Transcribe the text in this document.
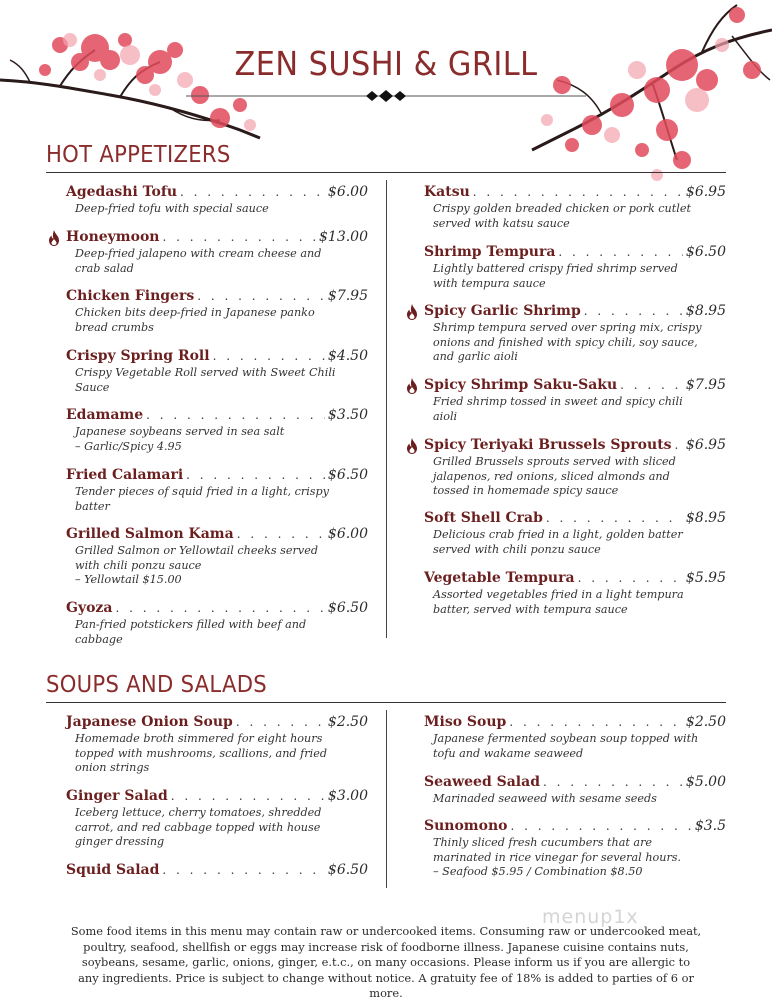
ZEN SUSHI & GRILL
HOT APPETIZERS
Agedashi Tofu . . .	$6.00
Deep-fried tofu with special sauce
Honeymoon . . .	$13.00
Deep-fried jalapeno with cream cheese and
crab salad
Chicken Fingers . . .	$7.95
Chicken bits deep-fried in Japanese panko
bread crumbs
Crispy Spring Roll . . .	$4.50
Crispy Vegetable Roll served with Sweet Chili
Sauce
Edamame . . .	$3.50
Japanese soybeans served in sea salt
– Garlic/Spicy 4.95
Fried Calamari . . .	$6.50
Tender pieces of squid fried in a light, crispy
batter
Grilled Salmon Kama . . .	$6.00
Grilled Salmon or Yellowtail cheeks served
with chili ponzu sauce
– Yellowtail $15.00
Gyoza . . .	$6.50
Pan-fried potstickers filled with beef and
cabbage
Katsu . . .	$6.95
Crispy golden breaded chicken or pork cutlet
served with katsu sauce
Shrimp Tempura . . .	$6.50
Lightly battered crispy fried shrimp served
with tempura sauce
Spicy Garlic Shrimp . . .	$8.95
Shrimp tempura served over spring mix, crispy
onions and finished with spicy chili, soy sauce,
and garlic aioli
Spicy Shrimp Saku-Saku . . .	$7.95
Fried shrimp tossed in sweet and spicy chili
aioli
Spicy Teriyaki Brussels Sprouts . . . $6.95
Grilled Brussels sprouts served with sliced
jalapenos, red onions, sliced almonds and
tossed in homemade spicy sauce
Soft Shell Crab . . .	$8.95
Delicious crab fried in a light, golden batter
served with chili ponzu sauce
Vegetable Tempura . . .	$5.95
Assorted vegetables fried in a light tempura
batter, served with tempura sauce
SOUPS AND SALADS
Japanese Onion Soup . . .	$2.50
Homemade broth simmered for eight hours
topped with mushrooms, scallions, and fried
onion strings
Ginger Salad . . .	$3.00
Iceberg lettuce, cherry tomatoes, shredded
carrot, and red cabbage topped with house
ginger dressing
Squid Salad . . .	$6.50
Miso Soup . . .	$2.50
Japanese fermented soybean soup topped with
tofu and wakame seaweed
Seaweed Salad . . .	$5.00
Marinaded seaweed with sesame seeds
Sunomono . . .	$3.5
Thinly sliced fresh cucumbers that are
marinated in rice vinegar for several hours.
– Seafood $5.95 / Combination $8.50
menup1x
Some food items in this menu may contain raw or undercooked items. Consuming raw or undercooked meat, poultry, seafood, shellfish or eggs may increase risk of foodborne illness. Japanese cuisine contains nuts, soybeans, sesame, garlic, onions, ginger, e.t.c., on many occasions. Please inform us if you are allergic to any ingredients. Price is subject to change without notice. A gratuity fee of 18% is added to parties of 6 or more.
